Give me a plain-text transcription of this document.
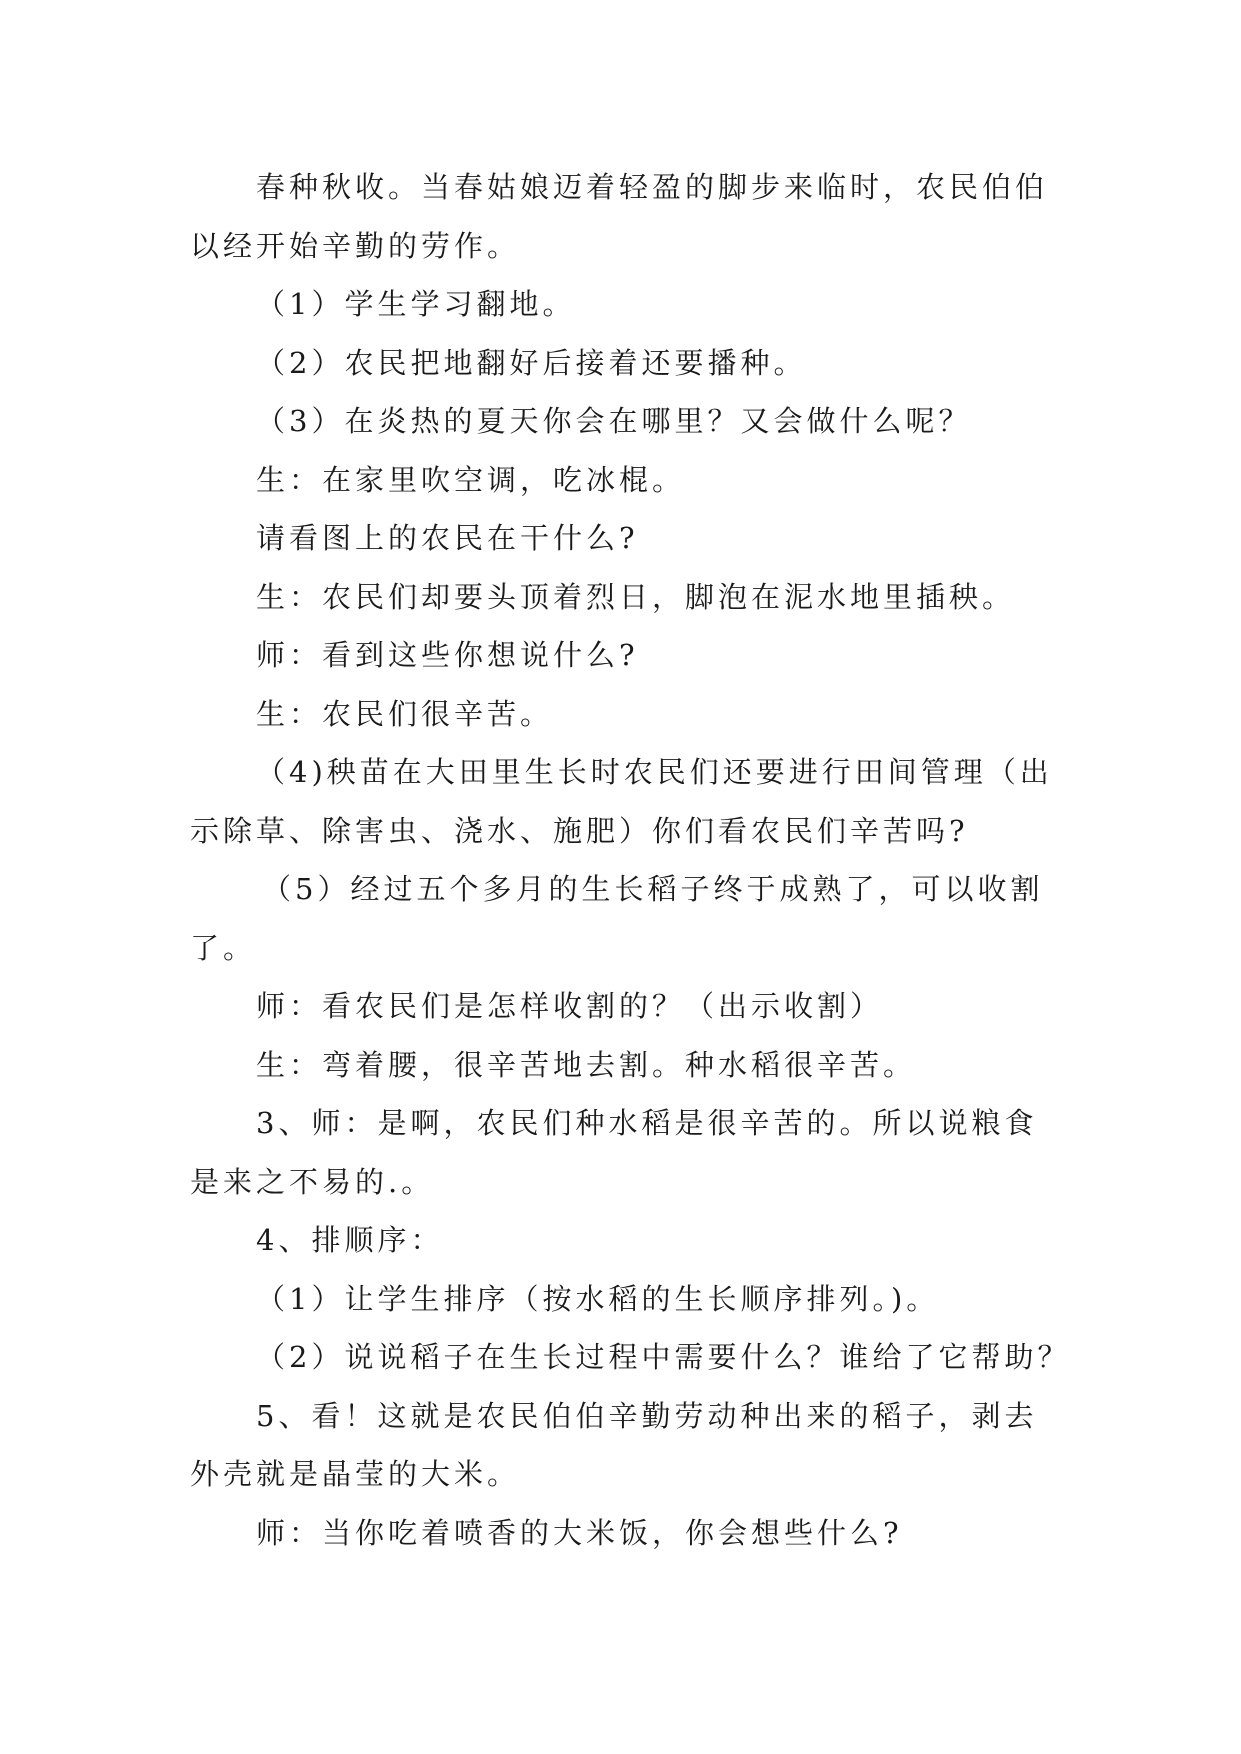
春种秋收。当春姑娘迈着轻盈的脚步来临时，农民伯伯
以经开始辛勤的劳作。
（1）学生学习翻地。
（2）农民把地翻好后接着还要播种。
（3）在炎热的夏天你会在哪里？又会做什么呢？
生：在家里吹空调，吃冰棍。
请看图上的农民在干什么?
生：农民们却要头顶着烈日，脚泡在泥水地里插秧。
师：看到这些你想说什么?
生：农民们很辛苦。
（4)秧苗在大田里生长时农民们还要进行田间管理（出
示除草、除害虫、浇水、施肥）你们看农民们辛苦吗?
（5）经过五个多月的生长稻子终于成熟了，可以收割
了。
师：看农民们是怎样收割的？（出示收割）
生：弯着腰，很辛苦地去割。种水稻很辛苦。
3、师：是啊，农民们种水稻是很辛苦的。所以说粮食
是来之不易的.。
4、排顺序：
（1）让学生排序（按水稻的生长顺序排列。)。
（2）说说稻子在生长过程中需要什么？谁给了它帮助？
5、看！这就是农民伯伯辛勤劳动种出来的稻子，剥去
外壳就是晶莹的大米。
师：当你吃着喷香的大米饭，你会想些什么?
